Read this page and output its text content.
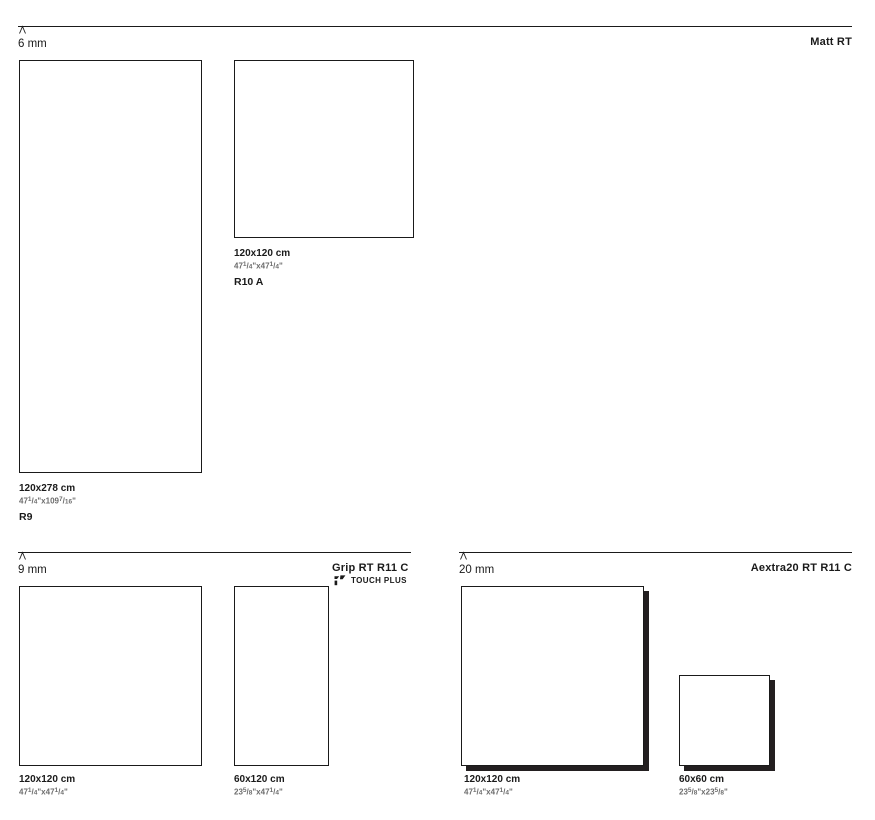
6 mm	Matt RT
120x278 cm
$47^1/_4"x109^7/_{16}$"
R9
120x120 cm
$47^1/_4"x47^1/_4$"
R10 A
9 mm	Grip RT R11 C
TOUCH PLUS
120x120 cm
$47^1/_4"x47^1/_4$"
60x120 cm
$23^5/_8"x47^1/_4$"
20 mm	Aextra20 RT R11 C
120x120 cm
$47^1/_4"x47^1/_4$"
60x60 cm
$23^5/_8"x23^5/_8$"
